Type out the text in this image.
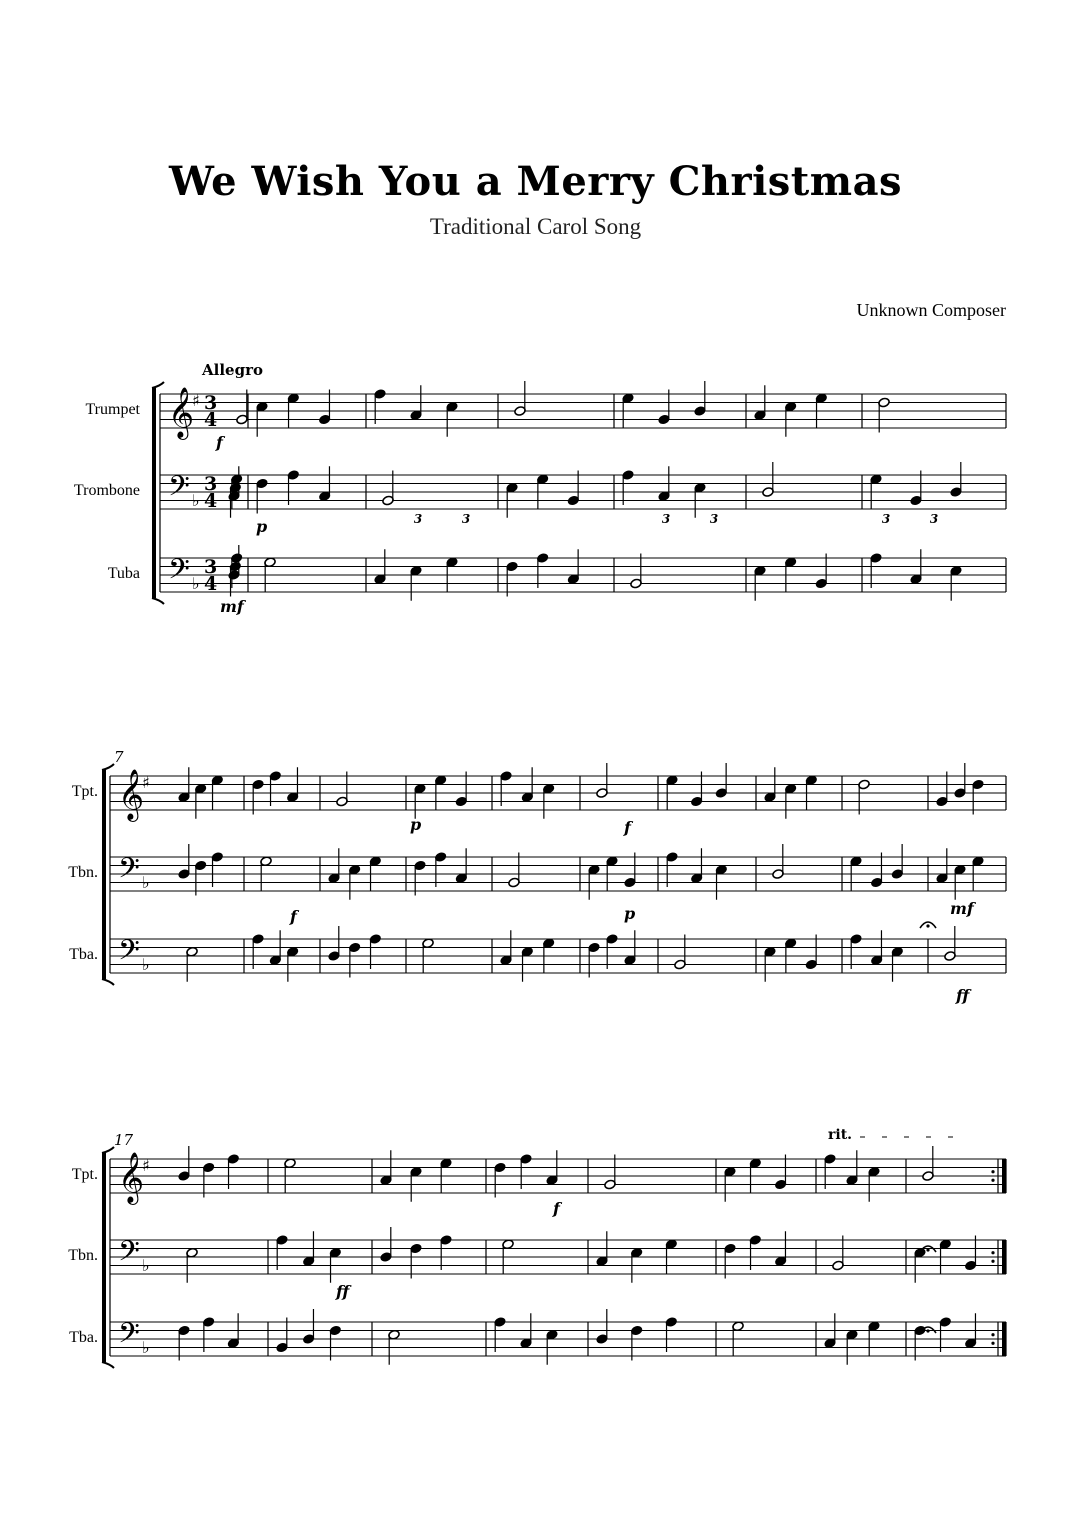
We Wish You a Merry Christmas
Traditional Carol Song
Unknown Composer
Trumpet
Trombone
Tuba
𝄞
♯ 3
4
𝄢 ♭
3
4
𝄢 ♭
3
4
Tpt.
Tbn.
Tba.
𝄞
♯
𝄢 ♭
𝄢 ♭
7
Tpt.
Tbn.
Tba.
𝄞
♯
𝄢 ♭
𝄢 ♭
17
Allegro
rit.
f
p
mf
p	f
f	p	mf
ff
f
ff
3	3	3	3	3	3
